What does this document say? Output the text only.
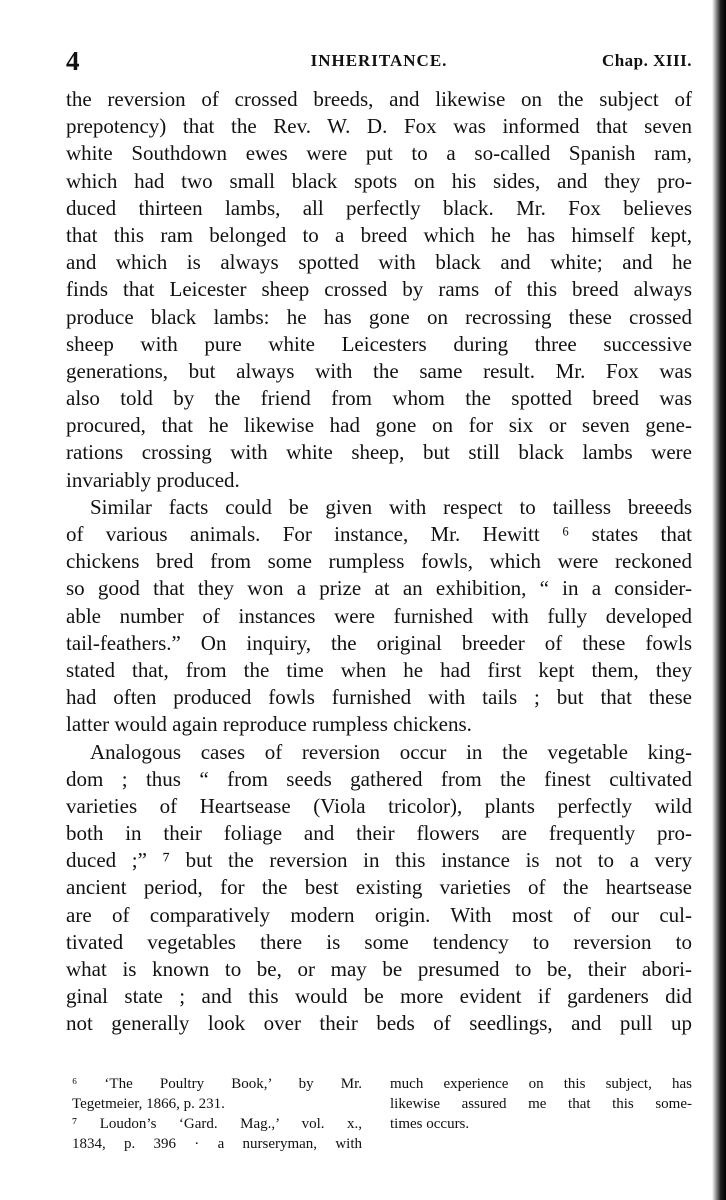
4	INHERITANCE.	Chap. XIII.
the reversion of crossed breeds, and likewise on the subject of
prepotency) that the Rev. W. D. Fox was informed that seven
white Southdown ewes were put to a so-called Spanish ram,
which had two small black spots on his sides, and they pro-
duced thirteen lambs, all perfectly black. Mr. Fox believes
that this ram belonged to a breed which he has himself kept,
and which is always spotted with black and white; and he
finds that Leicester sheep crossed by rams of this breed always
produce black lambs: he has gone on recrossing these crossed
sheep with pure white Leicesters during three successive
generations, but always with the same result. Mr. Fox was
also told by the friend from whom the spotted breed was
procured, that he likewise had gone on for six or seven gene-
rations crossing with white sheep, but still black lambs were
invariably produced.
Similar facts could be given with respect to tailless breeeds
of various animals. For instance, Mr. Hewitt ⁶ states that
chickens bred from some rumpless fowls, which were reckoned
so good that they won a prize at an exhibition, “ in a consider-
able number of instances were furnished with fully developed
tail-feathers.” On inquiry, the original breeder of these fowls
stated that, from the time when he had first kept them, they
had often produced fowls furnished with tails ; but that these
latter would again reproduce rumpless chickens.
Analogous cases of reversion occur in the vegetable king-
dom ; thus “ from seeds gathered from the finest cultivated
varieties of Heartsease (Viola tricolor), plants perfectly wild
both in their foliage and their flowers are frequently pro-
duced ;” ⁷ but the reversion in this instance is not to a very
ancient period, for the best existing varieties of the heartsease
are of comparatively modern origin. With most of our cul-
tivated vegetables there is some tendency to reversion to
what is known to be, or may be presumed to be, their abori-
ginal state ; and this would be more evident if gardeners did
not generally look over their beds of seedlings, and pull up
⁶ ‘The Poultry Book,’ by Mr.
Tegetmeier, 1866, p. 231.
⁷ Loudon’s ‘Gard. Mag.,’ vol. x.,
1834, p. 396 · a nurseryman, with
much experience on this subject, has
likewise assured me that this some-
times occurs.
